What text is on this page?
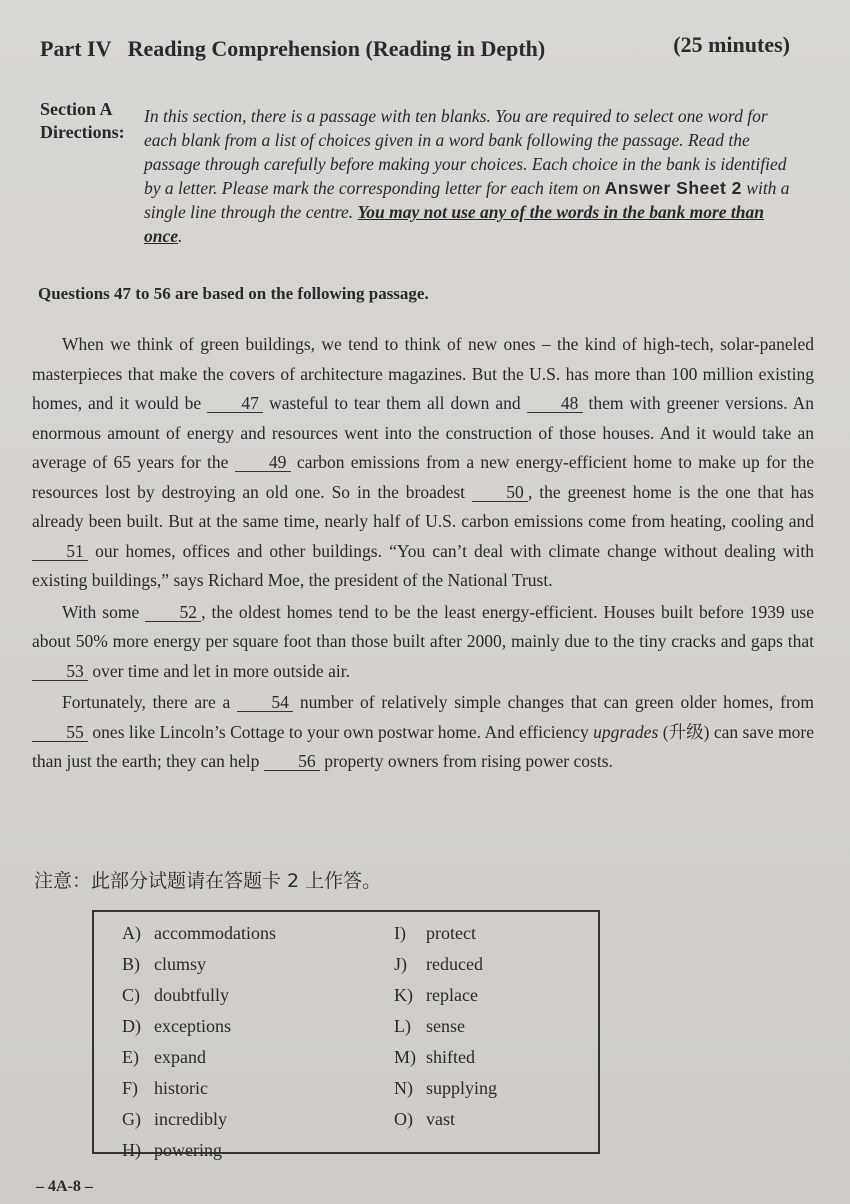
Part IV   Reading Comprehension (Reading in Depth)	(25 minutes)
Section A
Directions:
In this section, there is a passage with ten blanks. You are required to select one word for each blank from a list of choices given in a word bank following the passage. Read the passage through carefully before making your choices. Each choice in the bank is identified by a letter. Please mark the corresponding letter for each item on Answer Sheet 2 with a single line through the centre. You may not use any of the words in the bank more than once.
Questions 47 to 56 are based on the following passage.

When we think of green buildings, we tend to think of new ones – the kind of high-tech, solar-paneled masterpieces that make the covers of architecture magazines. But the U.S. has more than 100 million existing homes, and it would be 47 wasteful to tear them all down and 48 them with greener versions. An enormous amount of energy and resources went into the construction of those houses. And it would take an average of 65 years for the 49 carbon emissions from a new energy-efficient home to make up for the resources lost by destroying an old one. So in the broadest 50 , the greenest home is the one that has already been built. But at the same time, nearly half of U.S. carbon emissions come from heating, cooling and 51 our homes, offices and other buildings. “You can’t deal with climate change without dealing with existing buildings,” says Richard Moe, the president of the National Trust.

With some 52 , the oldest homes tend to be the least energy-efficient. Houses built before 1939 use about 50% more energy per square foot than those built after 2000, mainly due to the tiny cracks and gaps that 53 over time and let in more outside air.

Fortunately, there are a 54 number of relatively simple changes that can green older homes, from 55 ones like Lincoln’s Cottage to your own postwar home. And efficiency upgrades (升级) can save more than just the earth; they can help 56 property owners from rising power costs.

注意：此部分试题请在答题卡 2 上作答。
A) accommodations
B) clumsy
C) doubtfully
D) exceptions
E) expand
F) historic
G) incredibly
H) powering
I) protect
J) reduced
K) replace
L) sense
M) shifted
N) supplying
O) vast
– 4A-8 –
